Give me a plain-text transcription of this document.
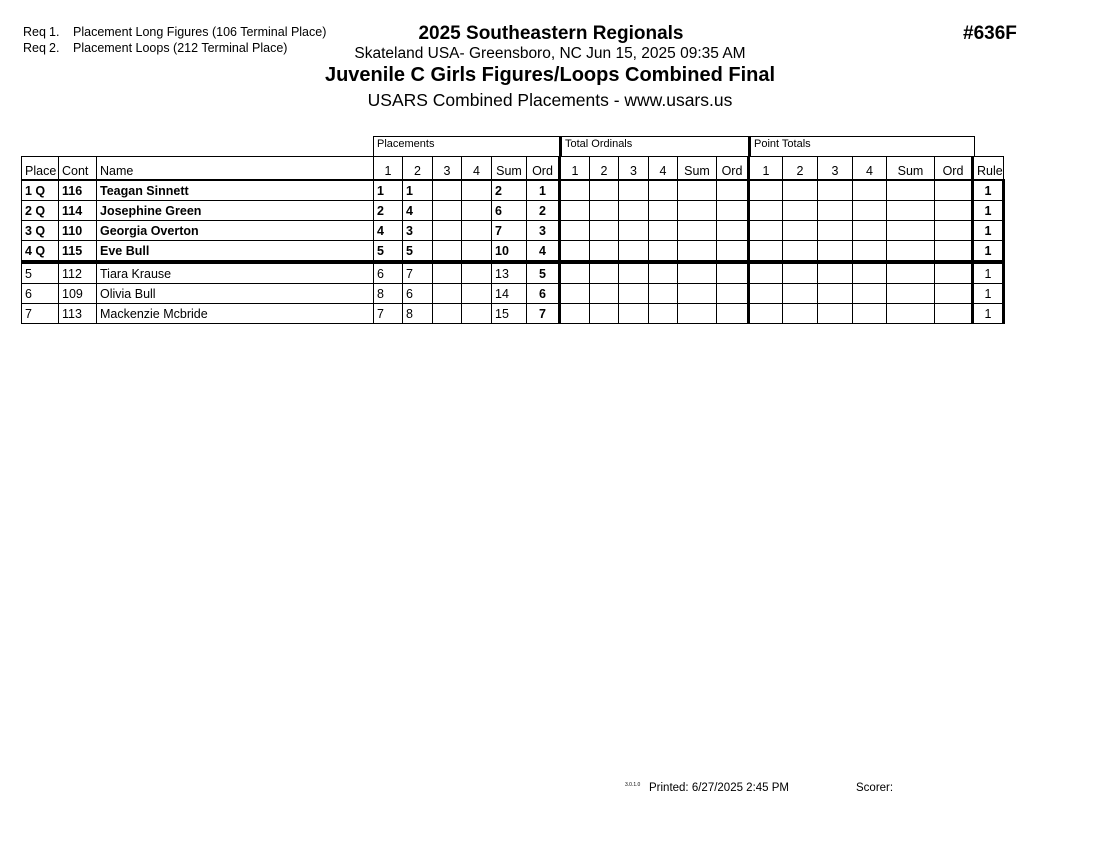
Req 1. Placement Long Figures (106 Terminal Place)
Req 2. Placement Loops (212 Terminal Place)
2025 Southeastern Regionals
Skateland USA- Greensboro, NC Jun 15, 2025 09:35 AM
Juvenile C Girls Figures/Loops Combined Final
USARS Combined Placements - www.usars.us
#636F
Placements	Total Ordinals	Point Totals
Place	Cont	Name	1	2	3	4	Sum	Ord	1	2	3	4	Sum	Ord	1	2	3	4	Sum	Ord	Rule
1 Q	116	Teagan Sinnett	1	1			2	1													1
2 Q	114	Josephine Green	2	4			6	2													1
3 Q	110	Georgia Overton	4	3			7	3													1
4 Q	115	Eve Bull	5	5			10	4													1
5	112	Tiara Krause	6	7			13	5													1
6	109	Olivia Bull	8	6			14	6													1
7	113	Mackenzie Mcbride	7	8			15	7													1
3.0.1.0 Printed: 6/27/2025 2:45 PM	Scorer:
